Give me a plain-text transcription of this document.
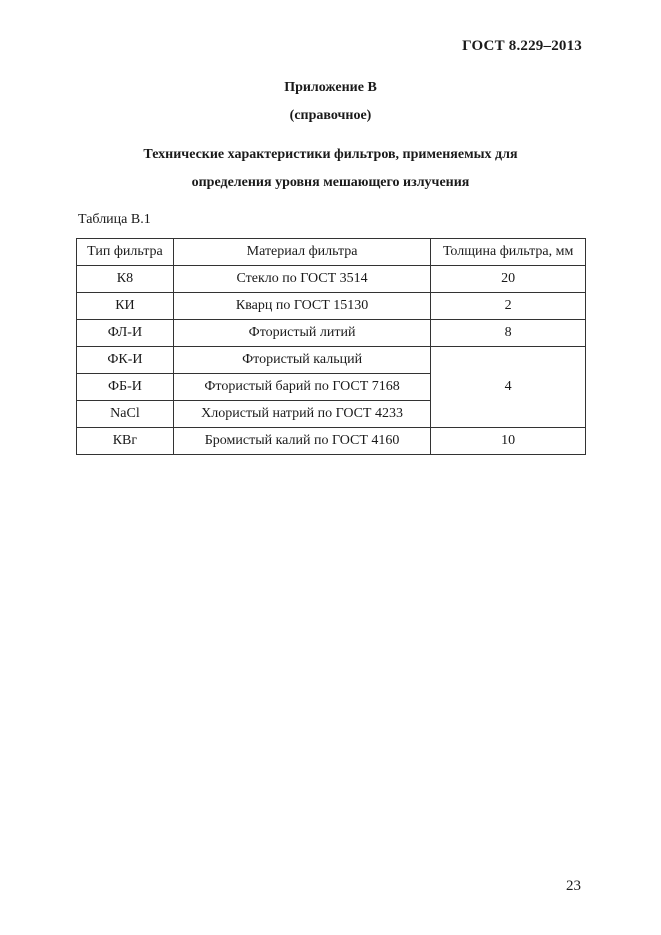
ГОСТ 8.229–2013
Приложение В
(справочное)
Технические характеристики фильтров, применяемых для
определения уровня мешающего излучения
Таблица В.1
Тип фильтра	Материал фильтра	Толщина фильтра, мм
К8	Стекло по ГОСТ 3514	20
КИ	Кварц по ГОСТ 15130	2
ФЛ-И	Фтористый литий	8
ФК-И	Фтористый кальций	4
ФБ-И	Фтористый барий по ГОСТ 7168	
NaCl	Хлористый натрий по ГОСТ 4233	
КВг	Бромистый калий по ГОСТ 4160	10
23
